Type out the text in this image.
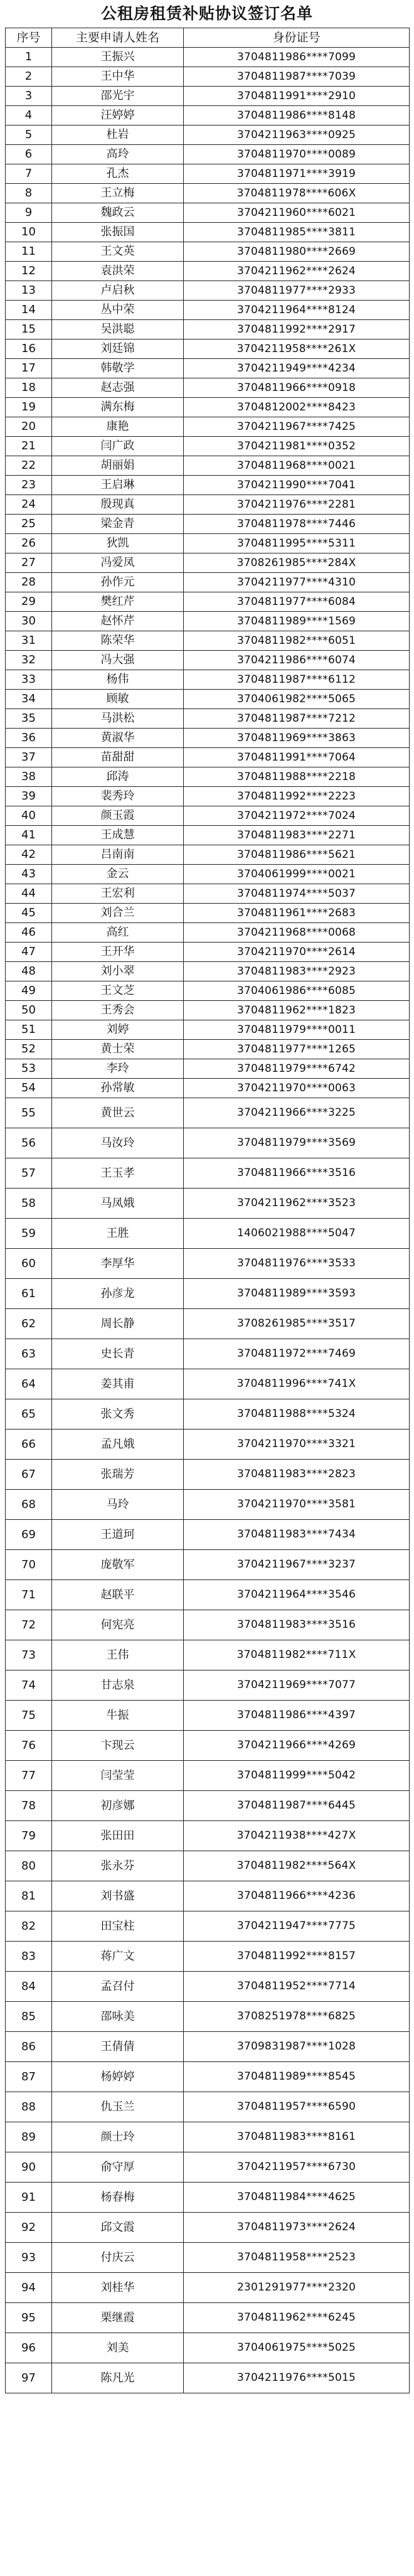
公租房租赁补贴协议签订名单
序号	主要申请人姓名	身份证号
1	王振兴	3704811986****7099
2	王中华	3704811987****7039
3	邵光宇	3704811991****2910
4	汪婷婷	3704811986****8148
5	杜岩	3704211963****0925
6	高玲	3704811970****0089
7	孔杰	3704811971****3919
8	王立梅	3704811978****606X
9	魏政云	3704211960****6021
10	张振国	3704811985****3811
11	王文英	3704811980****2669
12	袁洪荣	3704211962****2624
13	卢启秋	3704811977****2933
14	丛中荣	3704211964****8124
15	吴洪聪	3704811992****2917
16	刘廷锦	3704211958****261X
17	韩敬学	3704211949****4234
18	赵志强	3704811966****0918
19	满东梅	3704812002****8423
20	康艳	3704211967****7425
21	闫广政	3704211981****0352
22	胡丽娟	3704811968****0021
23	王启琳	3704211990****7041
24	殷现真	3704211976****2281
25	梁金青	3704811978****7446
26	狄凯	3704811995****5311
27	冯爱凤	3708261985****284X
28	孙作元	3704211977****4310
29	樊红芹	3704811977****6084
30	赵怀芹	3704811989****1569
31	陈荣华	3704811982****6051
32	冯大强	3704211986****6074
33	杨伟	3704811987****6112
34	顾敏	3704061982****5065
35	马洪松	3704811987****7212
36	黄淑华	3704811969****3863
37	苗甜甜	3704811991****7064
38	邱涛	3704811988****2218
39	裴秀玲	3704811992****2223
40	颜玉霞	3704211972****7024
41	王成慧	3704811983****2271
42	吕南南	3704811986****5621
43	金云	3704061999****0021
44	王宏利	3704811974****5037
45	刘合兰	3704811961****2683
46	高红	3704211968****0068
47	王开华	3704211970****2614
48	刘小翠	3704811983****2923
49	王文芝	3704061986****6085
50	王秀会	3704811962****1823
51	刘婷	3704811979****0011
52	黄士荣	3704811977****1265
53	李玲	3704811979****6742
54	孙常敏	3704211970****0063
55	黄世云	3704211966****3225
56	马汝玲	3704811979****3569
57	王玉孝	3704811966****3516
58	马凤娥	3704211962****3523
59	王胜	1406021988****5047
60	李厚华	3704811976****3533
61	孙彦龙	3704811989****3593
62	周长静	3708261985****3517
63	史长青	3704811972****7469
64	姜其甫	3704811996****741X
65	张文秀	3704811988****5324
66	孟凡娥	3704211970****3321
67	张瑞芳	3704811983****2823
68	马玲	3704211970****3581
69	王道珂	3704811983****7434
70	庞敬军	3704211967****3237
71	赵联平	3704211964****3546
72	何宪亮	3704811983****3516
73	王伟	3704811982****711X
74	甘志泉	3704211969****7077
75	牛振	3704811986****4397
76	卞现云	3704211966****4269
77	闫莹莹	3704811999****5042
78	初彦娜	3704811987****6445
79	张田田	3704211938****427X
80	张永芬	3704811982****564X
81	刘书盛	3704811966****4236
82	田宝柱	3704211947****7775
83	蒋广文	3704811992****8157
84	孟召付	3704811952****7714
85	邵咏美	3708251978****6825
86	王倩倩	3709831987****1028
87	杨婷婷	3704811989****8545
88	仇玉兰	3704811957****6590
89	颜士玲	3704811983****8161
90	俞守厚	3704211957****6730
91	杨春梅	3704811984****4625
92	邱文霞	3704811973****2624
93	付庆云	3704811958****2523
94	刘桂华	2301291977****2320
95	栗继霞	3704811962****6245
96	刘美	3704061975****5025
97	陈凡光	3704211976****5015
